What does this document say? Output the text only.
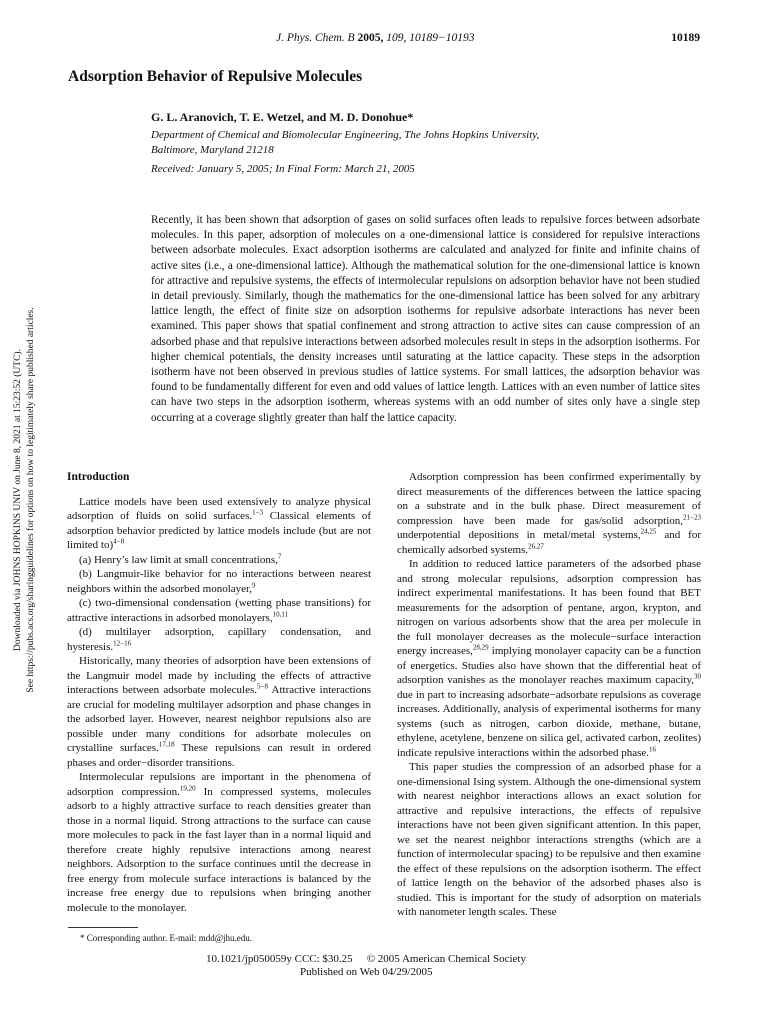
J. Phys. Chem. B 2005, 109, 10189−10193	10189
Adsorption Behavior of Repulsive Molecules
G. L. Aranovich, T. E. Wetzel, and M. D. Donohue*
Department of Chemical and Biomolecular Engineering, The Johns Hopkins University,
Baltimore, Maryland 21218
Received: January 5, 2005; In Final Form: March 21, 2005
Recently, it has been shown that adsorption of gases on solid surfaces often leads to repulsive forces between adsorbate molecules. In this paper, adsorption of molecules on a one-dimensional lattice is considered for repulsive interactions between adsorbate molecules. Exact adsorption isotherms are calculated and analyzed for finite and infinite chains of active sites (i.e., a one-dimensional lattice). Although the mathematical solution for the one-dimensional lattice is known for attractive and repulsive systems, the effects of intermolecular repulsions on adsorption behavior have not been studied in detail previously. Similarly, though the mathematics for the one-dimensional lattice has been solved for any arbitrary lattice length, the effect of finite size on adsorption isotherms for repulsive adsorbate interactions has never been examined. This paper shows that spatial confinement and strong attraction to active sites can cause compression of an adsorbed phase and that repulsive interactions between adsorbed molecules result in steps in the adsorption isotherms. For higher chemical potentials, the density increases until saturating at the lattice capacity. These steps in the adsorption isotherm have not been observed in previous studies of lattice systems. For small lattices, the adsorption behavior was found to be fundamentally different for even and odd values of lattice length. Lattices with an even number of lattice sites can have two steps in the adsorption isotherm, whereas systems with an odd number of sites only have a single step occurring at a coverage slightly greater than half the lattice capacity.
Downloaded via JOHNS HOPKINS UNIV on June 8, 2021 at 15:23:52 (UTC). See https://pubs.acs.org/sharingguidelines for options on how to legitimately share published articles.	Introduction

Lattice models have been used extensively to analyze physical adsorption of fluids on solid surfaces.$^{1-3}$ Classical elements of adsorption behavior predicted by lattice models include (but are not limited to)$^{4-8}$

(a) Henry’s law limit at small concentrations,$^7$

(b) Langmuir-like behavior for no interactions between nearest neighbors within the adsorbed monolayer,$^9$

(c) two-dimensional condensation (wetting phase transitions) for attractive interactions in adsorbed monolayers,$^{10,11}$

(d) multilayer adsorption, capillary condensation, and hysteresis.$^{12-16}$

Historically, many theories of adsorption have been extensions of the Langmuir model made by including the effects of attractive interactions between adsorbate molecules.$^{5-8}$ Attractive interactions are crucial for modeling multilayer adsorption and phase changes in the adsorbed layer. However, nearest neighbor repulsions also are possible under many conditions for adsorbate molecules on crystalline surfaces.$^{17,18}$ These repulsions can result in ordered phases and order−disorder transitions.

Intermolecular repulsions are important in the phenomena of adsorption compression.$^{19,20}$ In compressed systems, molecules adsorb to a highly attractive surface to reach densities greater than those in a normal liquid. Strong attractions to the surface can cause more molecules to pack in the fast layer than in a normal liquid and therefore create highly repulsive interactions among nearest neighbors. Adsorption to the surface continues until the decrease in free energy from molecule surface interactions is balanced by the increase free energy due to repulsions when bringing another molecule to the monolayer.

Adsorption compression has been confirmed experimentally by direct measurements of the differences between the lattice spacing on a substrate and in the bulk phase. Direct measurement of compression have been made for gas/solid adsorption,$^{21-23}$ underpotential depositions in metal/metal systems,$^{24,25}$ and for chemically adsorbed systems.$^{26,27}$

In addition to reduced lattice parameters of the adsorbed phase and strong molecular repulsions, adsorption compression has indirect experimental manifestations. It has been found that BET measurements for the adsorption of pentane, argon, krypton, and nitrogen on various adsorbents show that the area per molecule in the full monolayer decreases as the molecule−surface interaction energy increases,$^{28,29}$ implying monolayer capacity can be a function of energetics. Studies also have shown that the differential heat of adsorption vanishes as the monolayer reaches maximum capacity,$^{30}$ due in part to increasing adsorbate−adsorbate repulsions as coverage increases. Additionally, analysis of experimental isotherms for many systems (such as nitrogen, carbon dioxide, methane, butane, ethylene, acetylene, benzene on silica gel, activated carbon, zeolites) indicate repulsive interactions within the adsorbed phase.$^{16}$

This paper studies the compression of an adsorbed phase for a one-dimensional Ising system. Although the one-dimensional system with nearest neighbor interactions allows an exact solution for attractive and repulsive interactions, the effects of repulsive interactions have not been given significant attention. In this paper, we set the nearest neighbor interactions strengths (which are a function of intermolecular spacing) to be repulsive and then examine the effect of these repulsions on the adsorption isotherm. The effect of lattice length on the behavior of the adsorbed phases also is studied. This is important for the study of adsorption on materials with nanometer length scales. These

* Corresponding author. E-mail: mdd@jhu.edu.
10.1021/jp050059y CCC: $30.25 © 2005 American Chemical Society
Published on Web 04/29/2005
